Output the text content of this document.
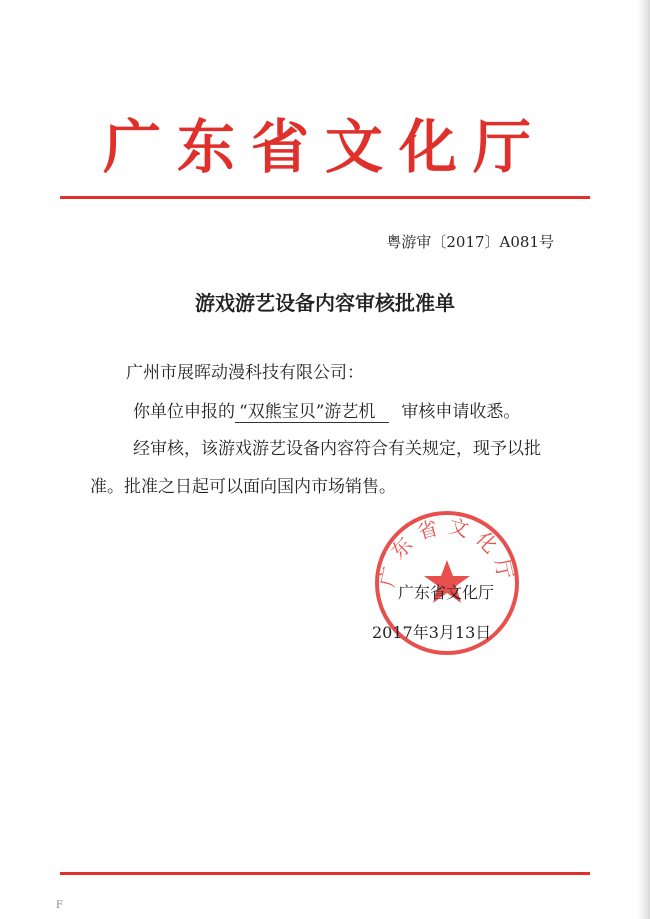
广东省文化厅
粤游审〔2017〕A081号
游戏游艺设备内容审核批准单
广州市展晖动漫科技有限公司：
你单位申报的 “双熊宝贝”游艺机 审核申请收悉。
经审核，该游戏游艺设备内容符合有关规定，现予以批
准。批准之日起可以面向国内市场销售。
广东省文化厅
广东省文化厅
2017年3月13日
F
